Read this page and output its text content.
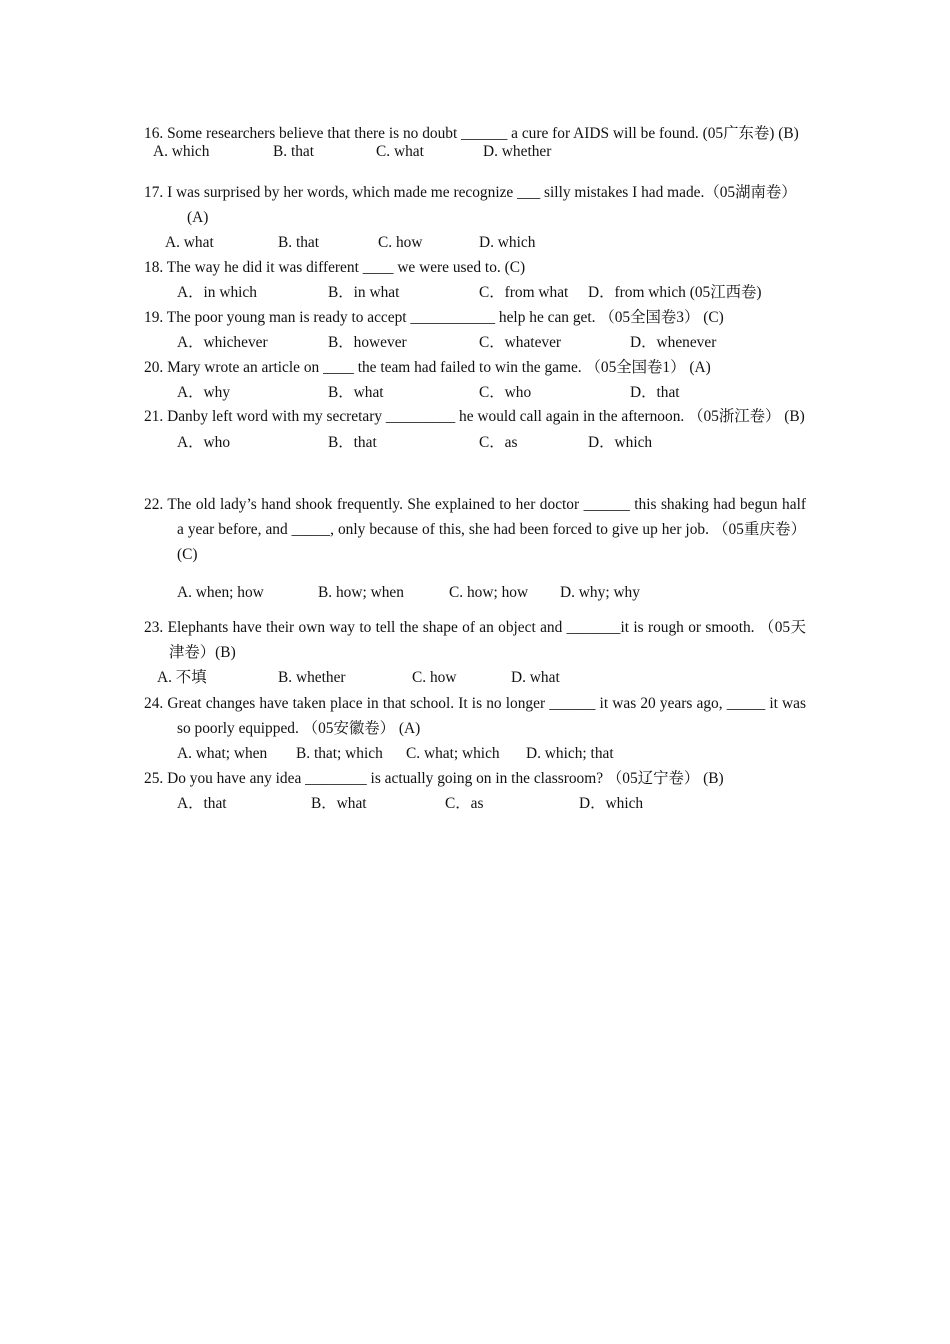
16. Some researchers believe that there is no doubt ______ a cure for AIDS will be found. (05广东卷) (B)

A. which	B. that	C. what	D. whether

17. I was surprised by her words, which made me recognize ___ silly mistakes I had made.（05湖南卷） (A)

A. what	B. that	C. how	D. which

18. The way he did it was different ____ we were used to. (C)

A．in which	B．in what	C．from what	D．from which (05江西卷)

19. The poor young man is ready to accept ___________ help he can get. （05全国卷3） (C)

A．whichever	B．however	C．whatever	D．whenever

20. Mary wrote an article on ____ the team had failed to win the game. （05全国卷1） (A)

A．why	B．what	C．who	D．that

21. Danby left word with my secretary _________ he would call again in the afternoon. （05浙江卷） (B)

A．who	B．that	C．as	D．which

22. The old lady’s hand shook frequently. She explained to her doctor ______ this shaking had begun half a year before, and _____, only because of this, she had been forced to give up her job. （05重庆卷） (C)

A. when; how	B. how; when	C. how; how	D. why; why

23. Elephants have their own way to tell the shape of an object and _______it is rough or smooth. （05天津卷）(B)

A. 不填	B. whether	C. how	D. what

24. Great changes have taken place in that school. It is no longer ______ it was 20 years ago, _____ it was so poorly equipped. （05安徽卷） (A)

A. what; when	B. that; which	C. what; which	D. which; that

25. Do you have any idea ________ is actually going on in the classroom? （05辽宁卷） (B)

A．that	B．what	C．as	D．which
